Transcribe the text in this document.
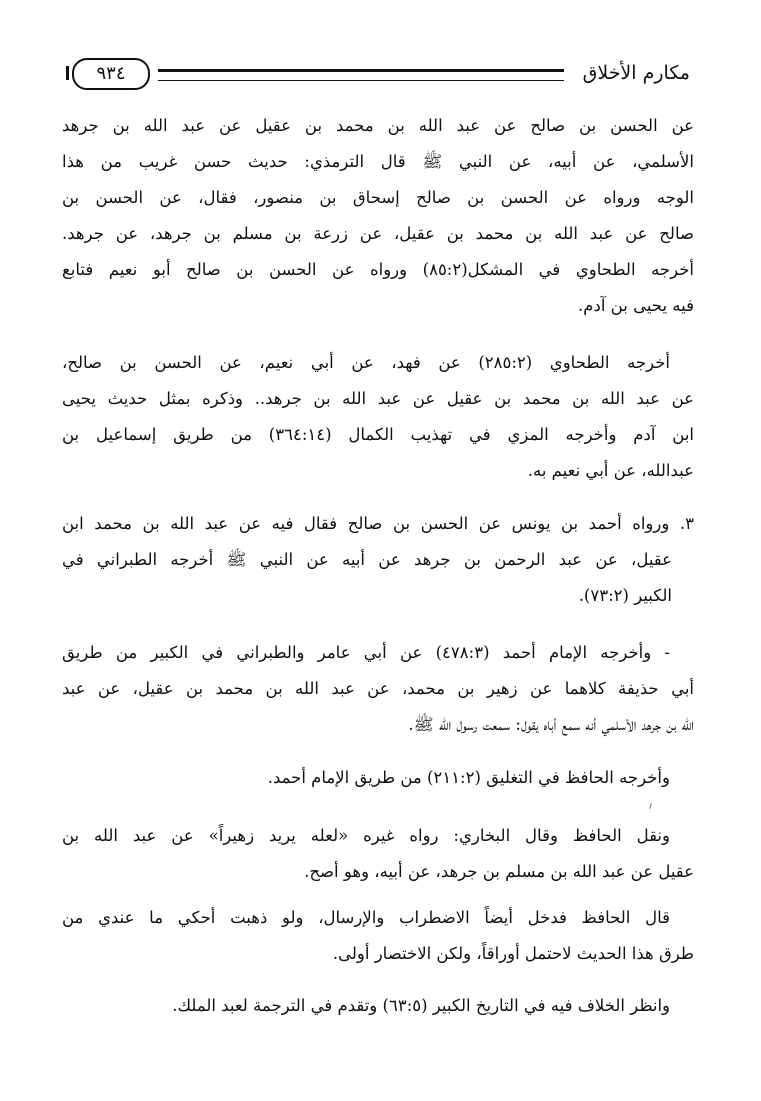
٩٣٤	مكارم الأخلاق
عن الحسن بن صالح عن عبد الله بن محمد بن عقيل عن عبد الله بن جرهد
الأسلمي، عن أبيه، عن النبي ﷺ قال الترمذي: حديث حسن غريب من هذا
الوجه ورواه عن الحسن بن صالح إسحاق بن منصور، فقال، عن الحسن بن
صالح عن عبد الله بن محمد بن عقيل، عن زرعة بن مسلم بن جرهد، عن جرهد.
أخرجه الطحاوي في المشكل(٨٥:٢) ورواه عن الحسن بن صالح أبو نعيم فتابع
فيه يحيى بن آدم.
أخرجه الطحاوي (٢٨٥:٢) عن فهد، عن أبي نعيم، عن الحسن بن صالح،
عن عبد الله بن محمد بن عقيل عن عبد الله بن جرهد.. وذكره بمثل حديث يحيى
ابن آدم وأخرجه المزي في تهذيب الكمال (٣٦٤:١٤) من طريق إسماعيل بن
عبدالله، عن أبي نعيم به.
٣. ورواه أحمد بن يونس عن الحسن بن صالح فقال فيه عن عبد الله بن محمد ابن
عقيل، عن عبد الرحمن بن جرهد عن أبيه عن النبي ﷺ أخرجه الطبراني في
الكبير (٧٣:٢).
- وأخرجه الإمام أحمد (٤٧٨:٣) عن أبي عامر والطبراني في الكبير من طريق
أبي حذيفة كلاهما عن زهير بن محمد، عن عبد الله بن محمد بن عقيل، عن عبد
الله بن جرهد الأسلمي أنه سمع أباه يقول: سمعت رسول الله ﷺ.
وأخرجه الحافظ في التغليق (٢١١:٢) من طريق الإمام أحمد.
ونقل الحافظ وقال البخاري: رواه غيره «لعله يريد زهيراً» عن عبد الله بن
عقيل عن عبد الله بن مسلم بن جرهد، عن أبيه، وهو أصح.
قال الحافظ فدخل أيضاً الاضطراب والإرسال، ولو ذهبت أحكي ما عندي من
طرق هذا الحديث لاحتمل أوراقاً، ولكن الاختصار أولى.
وانظر الخلاف فيه في التاريخ الكبير (٦٣:٥) وتقدم في الترجمة لعبد الملك.
